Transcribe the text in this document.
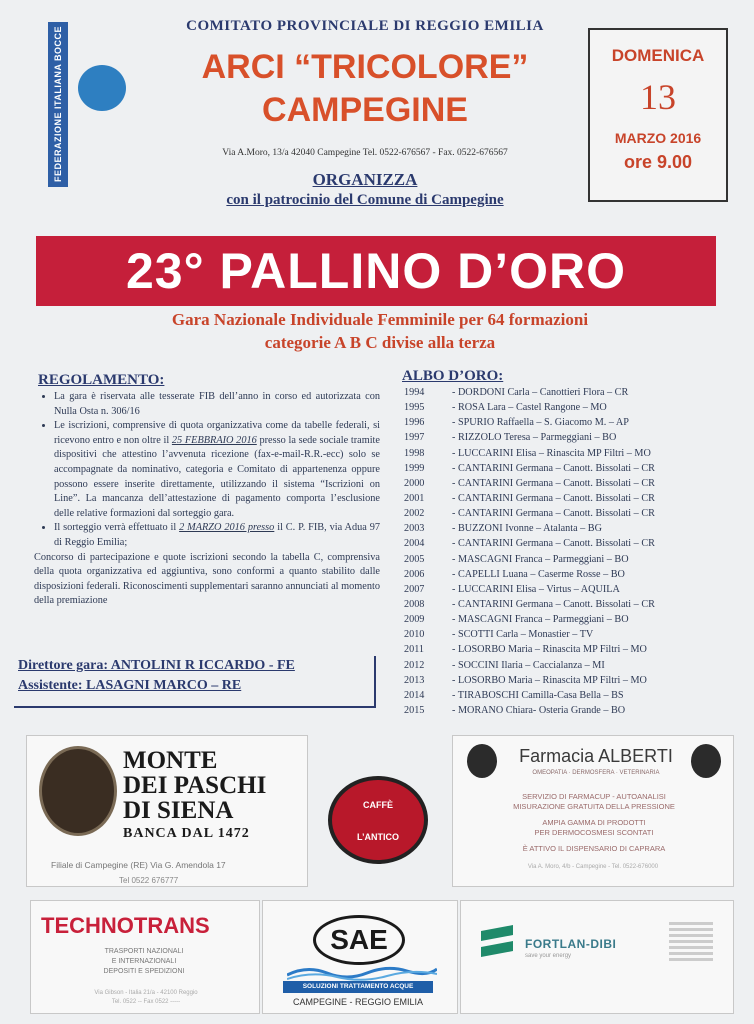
FEDERAZIONE ITALIANA BOCCE
COMITATO PROVINCIALE DI REGGIO EMILIA
ARCI “TRICOLORE”
CAMPEGINE
Via A.Moro, 13/a 42040 Campegine Tel. 0522-676567 - Fax. 0522-676567
ORGANIZZA
con il patrocinio del Comune di Campegine
DOMENICA
13
MARZO 2016
ore 9.00
23° PALLINO D’ORO
Gara Nazionale Individuale Femminile per 64 formazioni
categorie A B C divise alla terza
REGOLAMENTO:
• La gara è riservata alle tesserate FIB dell’anno in corso ed autorizzata con Nulla Osta n. 306/16
• Le iscrizioni, comprensive di quota organizzativa come da tabelle federali, si ricevono entro e non oltre il 25 FEBBRAIO 2016 presso la sede sociale tramite dispositivi che attestino l’avvenuta ricezione (fax-e-mail-R.R.-ecc) solo se accompagnate da nominativo, categoria e Comitato di appartenenza oppure possono essere inserite direttamente, utilizzando il sistema “Iscrizioni on Line”. La mancanza dell’attestazione di pagamento comporta l’esclusione delle relative formazioni dal sorteggio gara.
• Il sorteggio verrà effettuato il 2 MARZO 2016 presso il C. P. FIB, via Adua 97 di Reggio Emilia;

Concorso di partecipazione e quote iscrizioni secondo la tabella C, comprensiva della quota organizzativa ed aggiuntiva, sono conformi a quanto stabilito dalle disposizioni federali. Riconoscimenti supplementari saranno annunciati al momento della premiazione

Direttore gara: ANTOLINI R ICCARDO - FE
Assistente: LASAGNI MARCO – RE
ALBO D’ORO:
1994	- DORDONI Carla – Canottieri Flora – CR
1995	- ROSA Lara – Castel Rangone – MO
1996	- SPURIO Raffaella – S. Giacomo M. – AP
1997	- RIZZOLO Teresa – Parmeggiani – BO
1998	- LUCCARINI Elisa – Rinascita MP Filtri – MO
1999	- CANTARINI Germana – Canott. Bissolati – CR
2000	- CANTARINI Germana – Canott. Bissolati – CR
2001	- CANTARINI Germana – Canott. Bissolati – CR
2002	- CANTARINI Germana – Canott. Bissolati – CR
2003	- BUZZONI Ivonne – Atalanta – BG
2004	- CANTARINI Germana – Canott. Bissolati – CR
2005	- MASCAGNI Franca – Parmeggiani – BO
2006	- CAPELLI Luana – Caserme Rosse – BO
2007	- LUCCARINI Elisa – Virtus – AQUILA
2008	- CANTARINI Germana – Canott. Bissolati – CR
2009	- MASCAGNI Franca – Parmeggiani – BO
2010	- SCOTTI Carla – Monastier – TV
2011	- LOSORBO Maria – Rinascita MP Filtri – MO
2012	- SOCCINI Ilaria – Caccialanza – MI
2013	- LOSORBO Maria – Rinascita MP Filtri – MO
2014	- TIRABOSCHI Camilla-Casa Bella – BS
2015	- MORANO Chiara- Osteria Grande – BO
MONTE
DEI PASCHI
DI SIENA
BANCA DAL 1472
Filiale di Campegine (RE) Via G. Amendola 17
Tel 0522 676777
CAFFÈ
L’ANTICO
Farmacia ALBERTI
OMEOPATIA · DERMOSFERA · VETERINARIA
SERVIZIO DI FARMACUP - AUTOANALISI
MISURAZIONE GRATUITA DELLA PRESSIONE
AMPIA GAMMA DI PRODOTTI
PER DERMOCOSMESI SCONTATI
È ATTIVO IL DISPENSARIO DI CAPRARA
Via A. Moro, 4/b - Campegine - Tel. 0522-676000
TECHNOTRANS
TRASPORTI NAZIONALI
E INTERNAZIONALI
DEPOSITI E SPEDIZIONI
Via Gibson - Italia 21/a - 42100 Reggio
Tel. 0522 -- Fax 0522 -----
SAE
SOLUZIONI TRATTAMENTO ACQUE
CAMPEGINE - REGGIO EMILIA
FORTLAN-DIBI
save your energy
